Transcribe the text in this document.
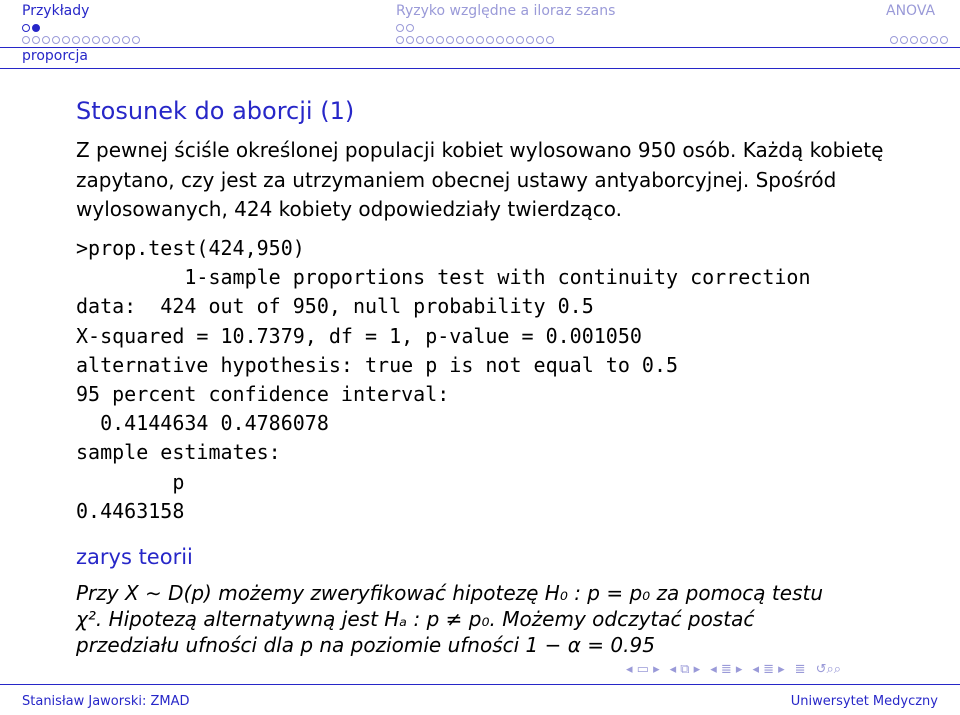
Przykłady	Ryzyko względne a iloraz szans	ANOVA
proporcja
Stosunek do aborcji (1)
Z pewnej ściśle określonej populacji kobiet wylosowano 950 osób. Każdą kobietę zapytano, czy jest za utrzymaniem obecnej ustawy antyaborcyjnej. Spośród wylosowanych, 424 kobiety odpowiedziały twierdząco.
>prop.test(424,950)
1-sample proportions test with continuity correction
data:  424 out of 950, null probability 0.5
X-squared = 10.7379, df = 1, p-value = 0.001050
alternative hypothesis: true p is not equal to 0.5
95 percent confidence interval:
0.4144634 0.4786078
sample estimates:
p
0.4463158
zarys teorii
Przy X ∼ D(p) możemy zweryfikować hipotezę H₀ : p = p₀ za pomocą testu
χ². Hipotezą alternatywną jest Hₐ : p ≠ p₀. Możemy odczytać postać
przedziału ufności dla p na poziomie ufności 1 − α = 0.95
◂ ▭ ▸ ◂ ⧉ ▸ ◂ ≣ ▸ ◂ ≣ ▸ ≣ ↺⌕⌕
Stanisław Jaworski: ZMAD	Uniwersytet Medyczny
